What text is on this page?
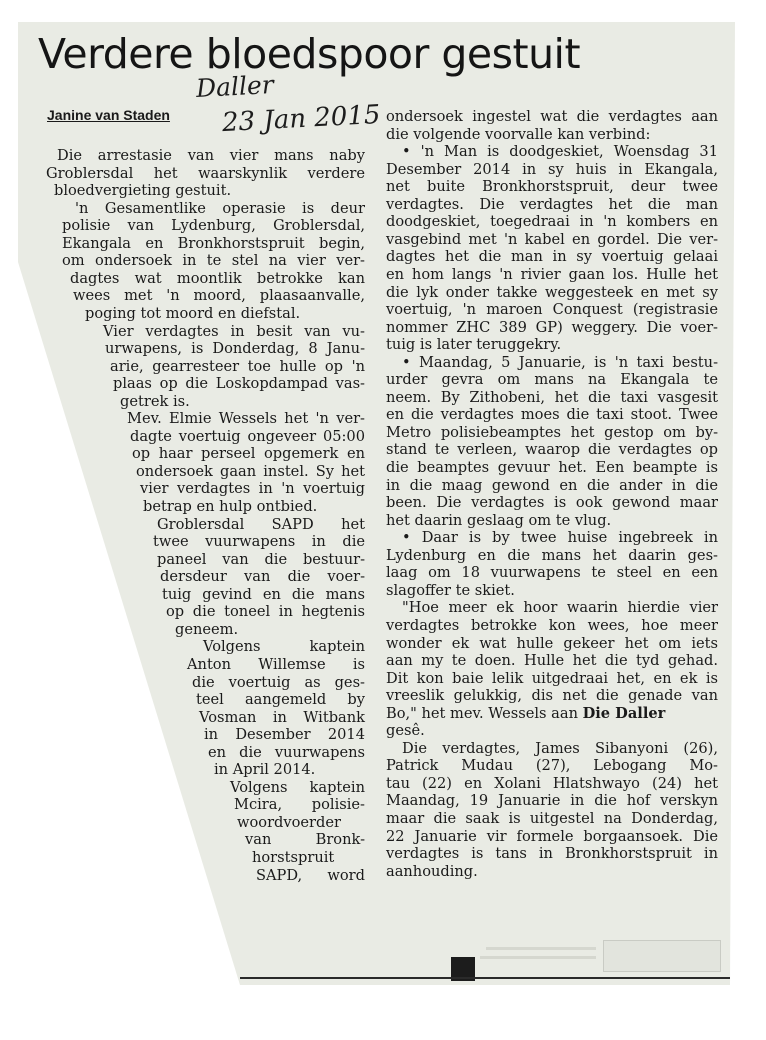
Verdere bloedspoor gestuit
Daller
23 Jan 2015
Janine van Staden
Die arrestasie van vier mans naby
Groblersdal het waarskynlik verdere
bloedvergieting gestuit.
'n Gesamentlike operasie is deur
polisie van Lydenburg, Groblersdal,
Ekangala en Bronkhorstspruit begin,
om ondersoek in te stel na vier ver-
dagtes wat moontlik betrokke kan
wees met 'n moord, plaasaanvalle,
poging tot moord en diefstal.
Vier verdagtes in besit van vu-
urwapens, is Donderdag, 8 Janu-
arie, gearresteer toe hulle op 'n
plaas op die Loskopdampad vas-
getrek is.
Mev. Elmie Wessels het 'n ver-
dagte voertuig ongeveer 05:00
op haar perseel opgemerk en
ondersoek gaan instel. Sy het
vier verdagtes in 'n voertuig
betrap en hulp ontbied.
Groblersdal SAPD het
twee vuurwapens in die
paneel van die bestuur-
dersdeur van die voer-
tuig gevind en die mans
op die toneel in hegtenis
geneem.
Volgens kaptein
Anton Willemse is
die voertuig as ges-
teel aangemeld by
Vosman in Witbank
in Desember 2014
en die vuurwapens
in April 2014.
Volgens kaptein
Mcira, polisie-
woordvoerder
van Bronk-
horstspruit
SAPD, word
ondersoek ingestel wat die verdagtes aan
die volgende voorvalle kan verbind:
• 'n Man is doodgeskiet, Woensdag 31
Desember 2014 in sy huis in Ekangala,
net buite Bronkhorstspruit, deur twee
verdagtes. Die verdagtes het die man
doodgeskiet, toegedraai in 'n kombers en
vasgebind met 'n kabel en gordel. Die ver-
dagtes het die man in sy voertuig gelaai
en hom langs 'n rivier gaan los. Hulle het
die lyk onder takke weggesteek en met sy
voertuig, 'n maroen Conquest (registrasie
nommer ZHC 389 GP) weggery. Die voer-
tuig is later teruggekry.
• Maandag, 5 Januarie, is 'n taxi bestu-
urder gevra om mans na Ekangala te
neem. By Zithobeni, het die taxi vasgesit
en die verdagtes moes die taxi stoot. Twee
Metro polisiebeamptes het gestop om by-
stand te verleen, waarop die verdagtes op
die beamptes gevuur het. Een beampte is
in die maag gewond en die ander in die
been. Die verdagtes is ook gewond maar
het daarin geslaag om te vlug.
• Daar is by twee huise ingebreek in
Lydenburg en die mans het daarin ges-
laag om 18 vuurwapens te steel en een
slagoffer te skiet.
"Hoe meer ek hoor waarin hierdie vier
verdagtes betrokke kon wees, hoe meer
wonder ek wat hulle gekeer het om iets
aan my te doen. Hulle het die tyd gehad.
Dit kon baie lelik uitgedraai het, en ek is
vreeslik gelukkig, dis net die genade van
Bo," het mev. Wessels aan Die Daller
gesê.
Die verdagtes, James Sibanyoni (26),
Patrick Mudau (27), Lebogang Mo-
tau (22) en Xolani Hlatshwayo (24) het
Maandag, 19 Januarie in die hof verskyn
maar die saak is uitgestel na Donderdag,
22 Januarie vir formele borgaansoek. Die
verdagtes is tans in Bronkhorstspruit in
aanhouding.
